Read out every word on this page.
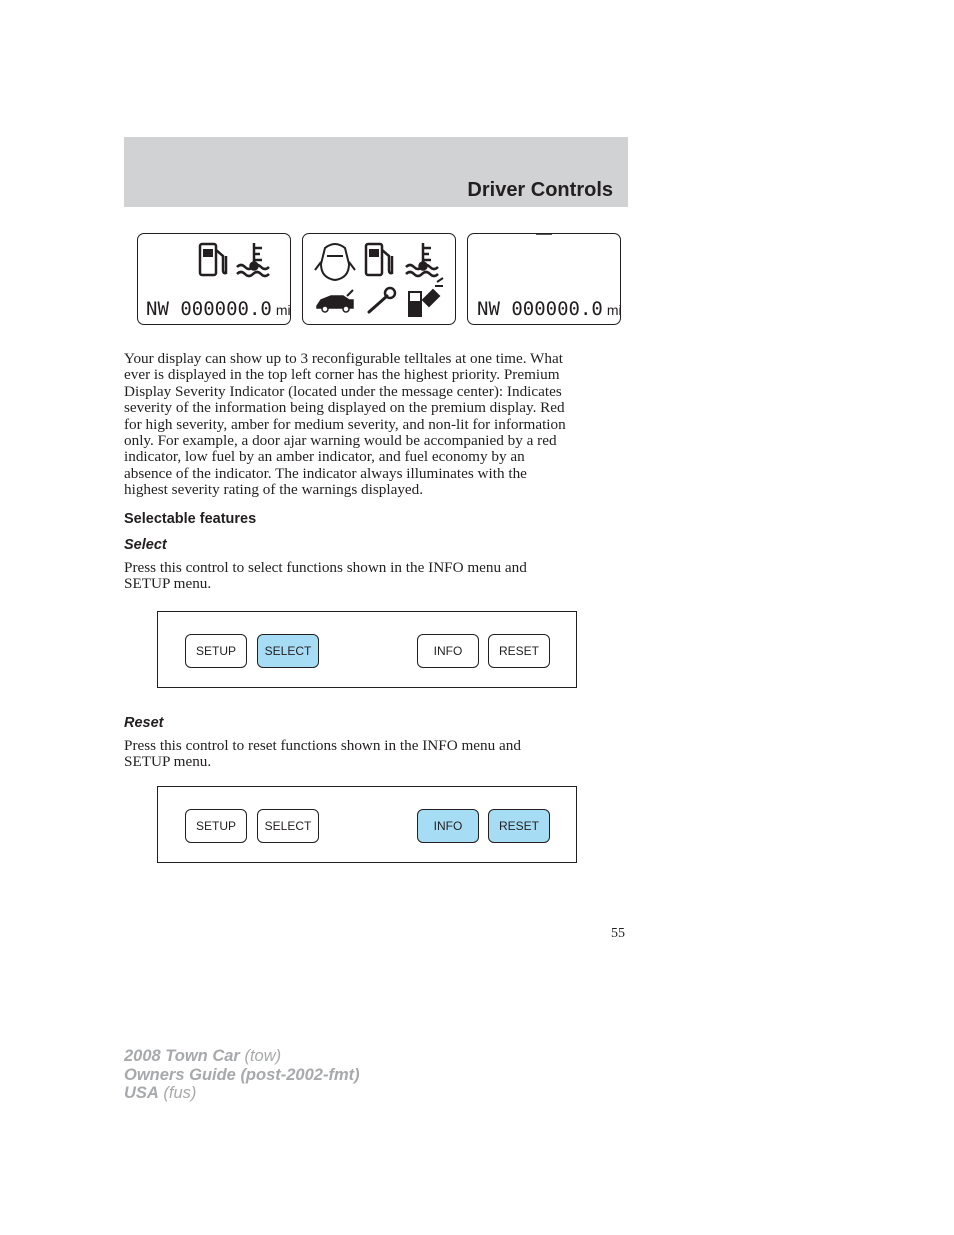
Driver Controls
NW 000000.0 mi	NW 000000.0 mi

Your display can show up to 3 reconfigurable telltales at one time. What
ever is displayed in the top left corner has the highest priority. Premium
Display Severity Indicator (located under the message center): Indicates
severity of the information being displayed on the premium display. Red
for high severity, amber for medium severity, and non-lit for information
only. For example, a door ajar warning would be accompanied by a red
indicator, low fuel by an amber indicator, and fuel economy by an
absence of the indicator. The indicator always illuminates with the
highest severity rating of the warnings displayed.

Selectable features
Select

Press this control to select functions shown in the INFO menu and
SETUP menu.

SETUP	SELECT	INFO	RESET
Reset

Press this control to reset functions shown in the INFO menu and
SETUP menu.

SETUP	SELECT	INFO	RESET
55
2008 Town Car (tow)
Owners Guide (post-2002-fmt)
USA (fus)
